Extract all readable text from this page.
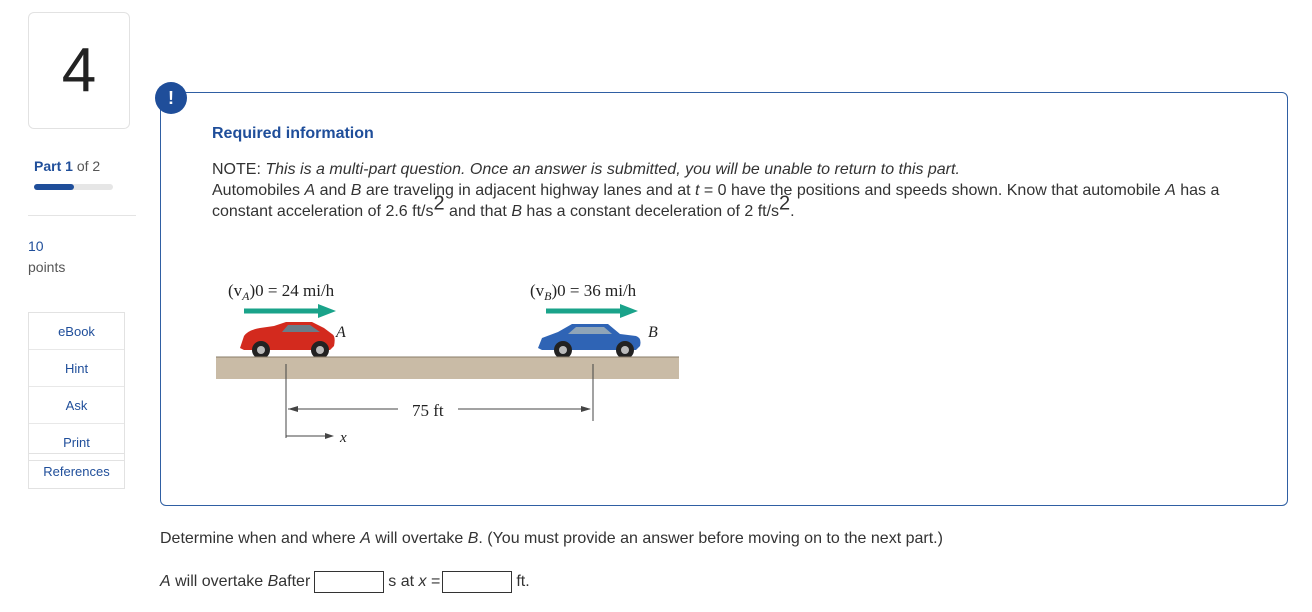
4
Part 1 of 2
10
points
eBook
Hint
Ask
Print
References
!
Required information
NOTE: This is a multi-part question. Once an answer is submitted, you will be unable to return to this part.
Automobiles A and B are traveling in adjacent highway lanes and at t = 0 have the positions and speeds shown. Know that automobile A has a constant acceleration of 2.6 $ft/s^2$ and that B has a constant deceleration of 2 $ft/s^2$.
$(v_A)0 = 24$ mi/h	$(v_B)0 = 36$ mi/h
A	B
75 ft
x
Determine when and where A will overtake B. (You must provide an answer before moving on to the next part.)
A will overtake B after	s at x =	ft.
